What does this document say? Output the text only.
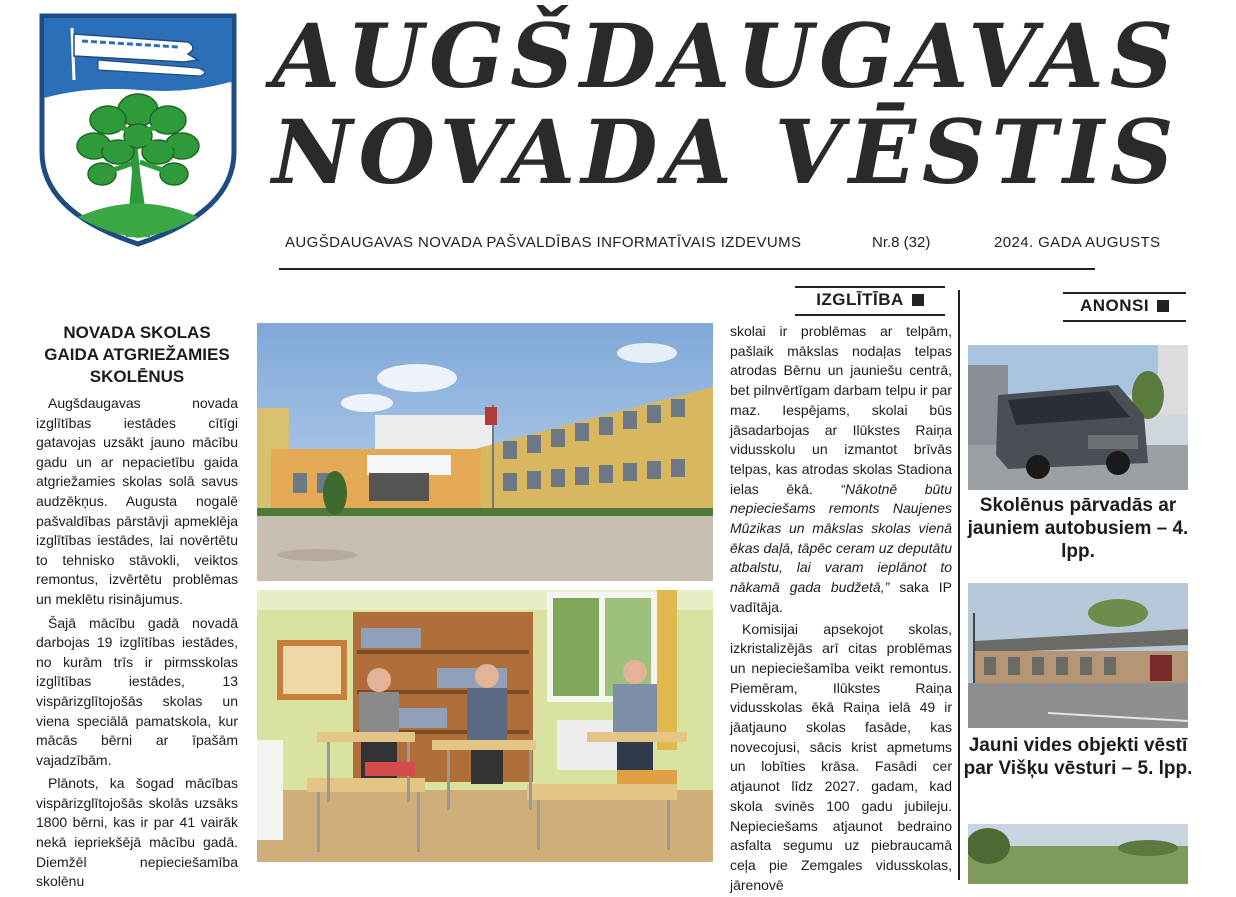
AUGŠDAUGAVAS
NOVADA VĒSTIS
AUGŠDAUGAVAS NOVADA PAŠVALDĪBAS INFORMATĪVAIS IZDEVUMS	Nr.8 (32)	2024. GADA AUGUSTS
IZGLĪTĪBA	ANONSI
NOVADA SKOLAS GAIDA ATGRIEŽAMIES SKOLĒNUS

Augšdaugavas novada izglītības iestādes cītīgi gatavojas uzsākt jauno mācību gadu un ar nepacietību gaida atgriežamies skolas solā savus audzēkņus. Augusta nogalē pašvaldības pārstāvji apmeklēja izglītības iestādes, lai novērtētu to tehnisko stāvokli, veiktos remontus, izvērtētu problēmas un meklētu risinājumus.

Šajā mācību gadā novadā darbojas 19 izglītības iestādes, no kurām trīs ir pirmsskolas izglītības iestādes, 13 vispārizglītojošās skolas un viena speciālā pamatskola, kur mācās bērni ar īpašām vajadzībām.

Plānots, ka šogad mācības vispārizglītojošās skolās uzsāks 1800 bērni, kas ir par 41 vairāk nekā iepriekšējā mācību gadā. Diemžēl nepieciešamība skolēnu

skolai ir problēmas ar telpām, pašlaik mākslas nodaļas telpas atrodas Bērnu un jauniešu centrā, bet pilnvērtīgam darbam telpu ir par maz. Iespējams, skolai būs jāsadarbojas ar Ilūkstes Raiņa vidusskolu un izmantot brīvās telpas, kas atrodas skolas Stadiona ielas ēkā. “Nākotnē būtu nepieciešams remonts Naujenes Mūzikas un mākslas skolas vienā ēkas daļā, tāpēc ceram uz deputātu atbalstu, lai varam ieplānot to nākamā gada budžetā,” saka IP vadītāja.

Komisijai apsekojot skolas, izkristalizējās arī citas problēmas un nepieciešamība veikt remontus. Piemēram, Ilūkstes Raiņa vidusskolas ēkā Raiņa ielā 49 ir jāatjauno skolas fasāde, kas novecojusi, sācis krist apmetums un lobīties krāsa. Fasādi cer atjaunot līdz 2027. gadam, kad skola svinēs 100 gadu jubileju. Nepieciešams atjaunot bedraino asfalta segumu uz piebraucamā ceļa pie Zemgales vidusskolas, jārenovē

Skolēnus pārvadās ar jauniem autobusiem – 4. lpp.
Jauni vides objekti vēstī par Višķu vēsturi – 5. lpp.
